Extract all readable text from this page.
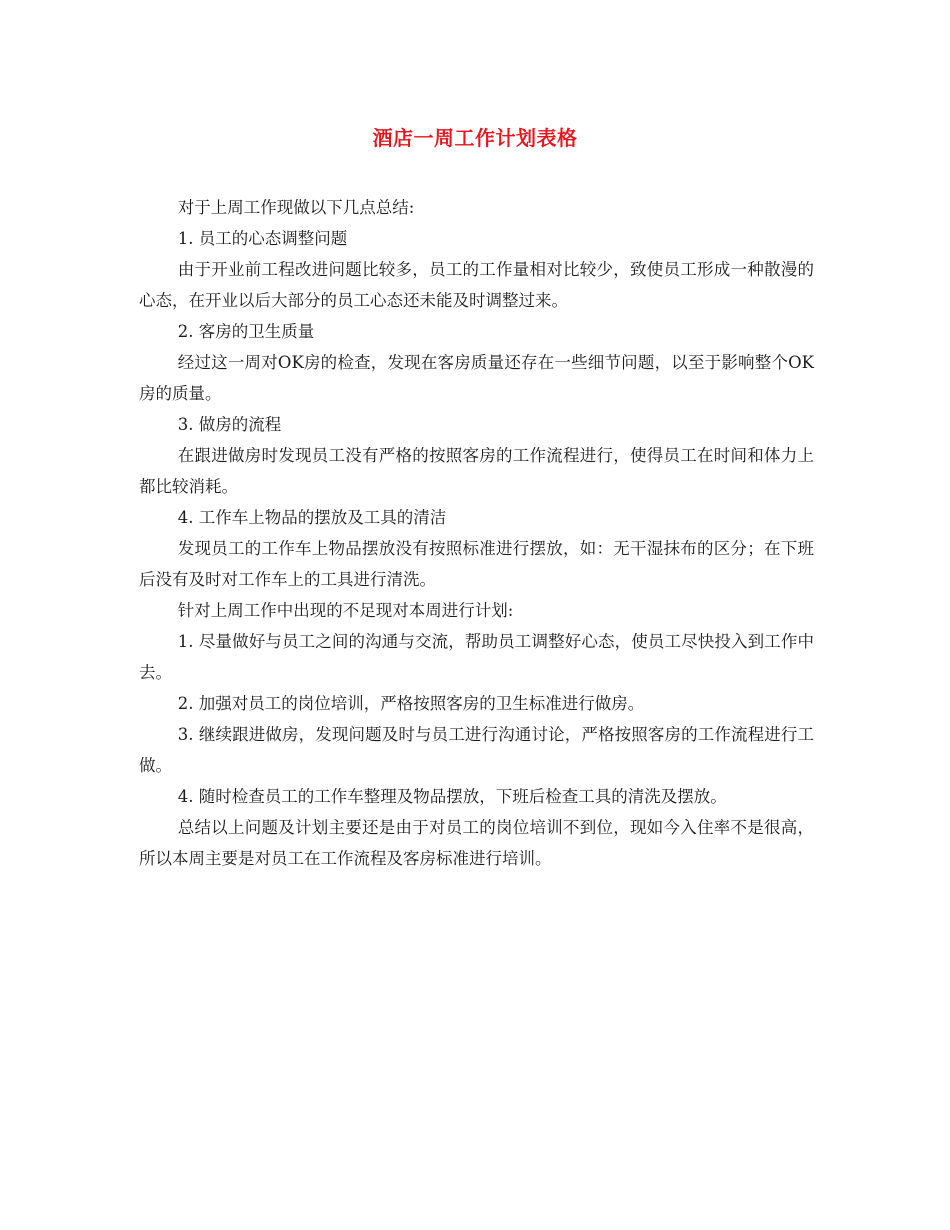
酒店一周工作计划表格

对于上周工作现做以下几点总结:

1. 员工的心态调整问题

由于开业前工程改进问题比较多，员工的工作量相对比较少，致使员工形成一种散漫的心态，在开业以后大部分的员工心态还未能及时调整过来。

2. 客房的卫生质量

经过这一周对OK房的检查，发现在客房质量还存在一些细节问题，以至于影响整个OK房的质量。

3. 做房的流程

在跟进做房时发现员工没有严格的按照客房的工作流程进行，使得员工在时间和体力上都比较消耗。

4. 工作车上物品的摆放及工具的清洁

发现员工的工作车上物品摆放没有按照标准进行摆放，如：无干湿抹布的区分；在下班后没有及时对工作车上的工具进行清洗。

针对上周工作中出现的不足现对本周进行计划:

1. 尽量做好与员工之间的沟通与交流，帮助员工调整好心态，使员工尽快投入到工作中去。

2. 加强对员工的岗位培训，严格按照客房的卫生标准进行做房。

3. 继续跟进做房，发现问题及时与员工进行沟通讨论，严格按照客房的工作流程进行工做。

4. 随时检查员工的工作车整理及物品摆放，下班后检查工具的清洗及摆放。

总结以上问题及计划主要还是由于对员工的岗位培训不到位，现如今入住率不是很高，所以本周主要是对员工在工作流程及客房标准进行培训。
